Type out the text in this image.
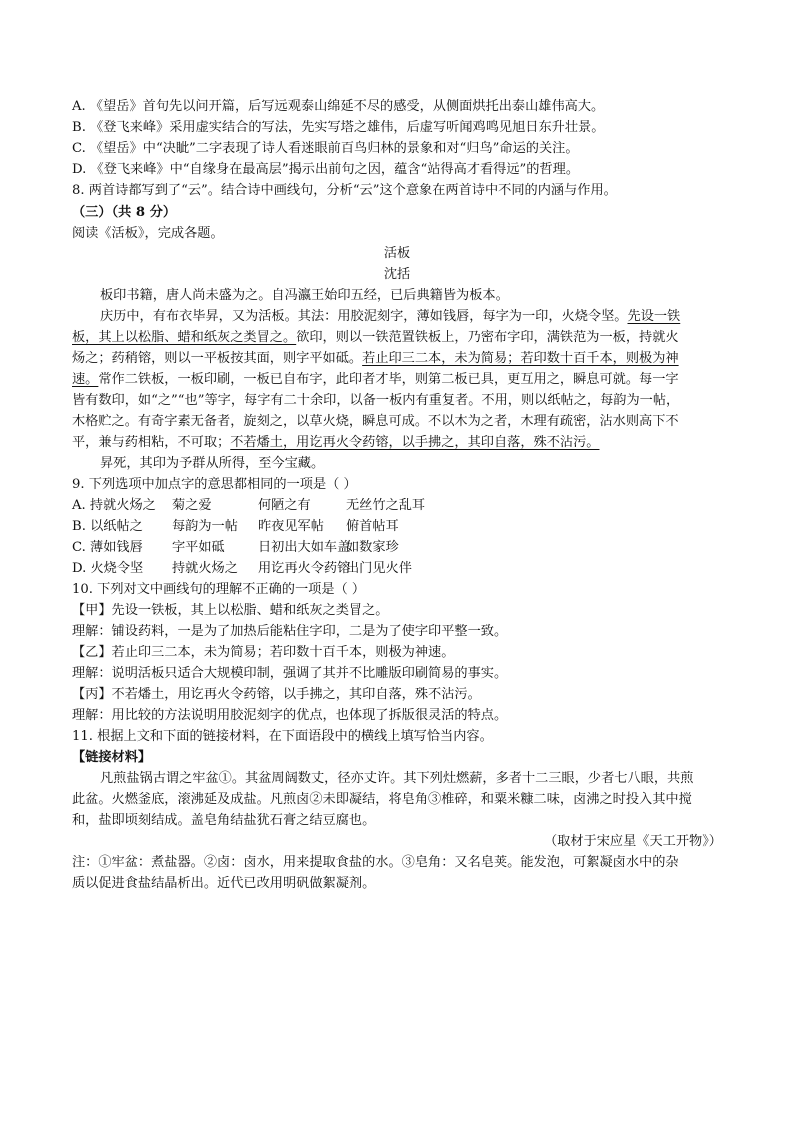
A. 《望岳》首句先以问开篇，后写远观泰山绵延不尽的感受，从侧面烘托出泰山雄伟高大。
B. 《登飞来峰》采用虚实结合的写法，先实写塔之雄伟，后虚写听闻鸡鸣见旭日东升壮景。
C. 《望岳》中“决眦”二字表现了诗人看迷眼前百鸟归林的景象和对“归鸟”命运的关注。
D. 《登飞来峰》中“自缘身在最高层”揭示出前句之因，蕴含“站得高才看得远”的哲理。
8. 两首诗都写到了“云”。结合诗中画线句，分析“云”这个意象在两首诗中不同的内涵与作用。
（三）（共 8 分）
阅读《活板》，完成各题。
活板
沈括
板印书籍，唐人尚未盛为之。自冯瀛王始印五经，已后典籍皆为板本。
庆历中，有布衣毕昇，又为活板。其法：用胶泥刻字，薄如钱唇，每字为一印，火烧令坚。先设一铁
板，其上以松脂、蜡和纸灰之类冒之。欲印，则以一铁范置铁板上，乃密布字印，满铁范为一板，持就火
炀之；药稍镕，则以一平板按其面，则字平如砥。若止印三二本，未为简易；若印数十百千本，则极为神
速。常作二铁板，一板印刷，一板已自布字，此印者才毕，则第二板已具，更互用之，瞬息可就。每一字
皆有数印，如“之”“也”等字，每字有二十余印，以备一板内有重复者。不用，则以纸帖之，每韵为一帖，
木格贮之。有奇字素无备者，旋刻之，以草火烧，瞬息可成。不以木为之者，木理有疏密，沾水则高下不
平，兼与药相粘，不可取；不若燔土，用讫再火令药镕，以手拂之，其印自落，殊不沾污。
昇死，其印为予群从所得，至今宝藏。
9. 下列选项中加点字的意思都相同的一项是（ ）
A. 持就火炀之 菊之爱	何陋之有	无丝竹之乱耳
B. 以纸帖之 每韵为一帖 昨夜见军帖 俯首帖耳
C. 薄如钱唇 字平如砥	日初出大如车盖如数家珍
D. 火烧令坚 持就火炀之 用讫再火令药镕出门见火伴
10. 下列对文中画线句的理解不正确的一项是（ ）
【甲】先设一铁板，其上以松脂、蜡和纸灰之类冒之。
理解：铺设药料，一是为了加热后能粘住字印，二是为了使字印平整一致。
【乙】若止印三二本，未为简易；若印数十百千本，则极为神速。
理解：说明活板只适合大规模印制，强调了其并不比雕版印刷简易的事实。
【丙】不若燔土，用讫再火令药镕，以手拂之，其印自落，殊不沾污。
理解：用比较的方法说明用胶泥刻字的优点，也体现了拆版很灵活的特点。
11. 根据上文和下面的链接材料，在下面语段中的横线上填写恰当内容。
【链接材料】
凡煎盐锅古谓之牢盆①。其盆周阔数丈，径亦丈许。其下列灶燃薪，多者十二三眼，少者七八眼，共煎
此盆。火燃釜底，滚沸延及成盐。凡煎卤②未即凝结，将皂角③椎碎，和粟米糠二味，卤沸之时投入其中搅
和，盐即顷刻结成。盖皂角结盐犹石膏之结豆腐也。
（取材于宋应星《天工开物》）
注：①牢盆：煮盐器。②卤：卤水，用来提取食盐的水。③皂角：又名皂荚。能发泡，可絮凝卤水中的杂
质以促进食盐结晶析出。近代已改用明矾做絮凝剂。
